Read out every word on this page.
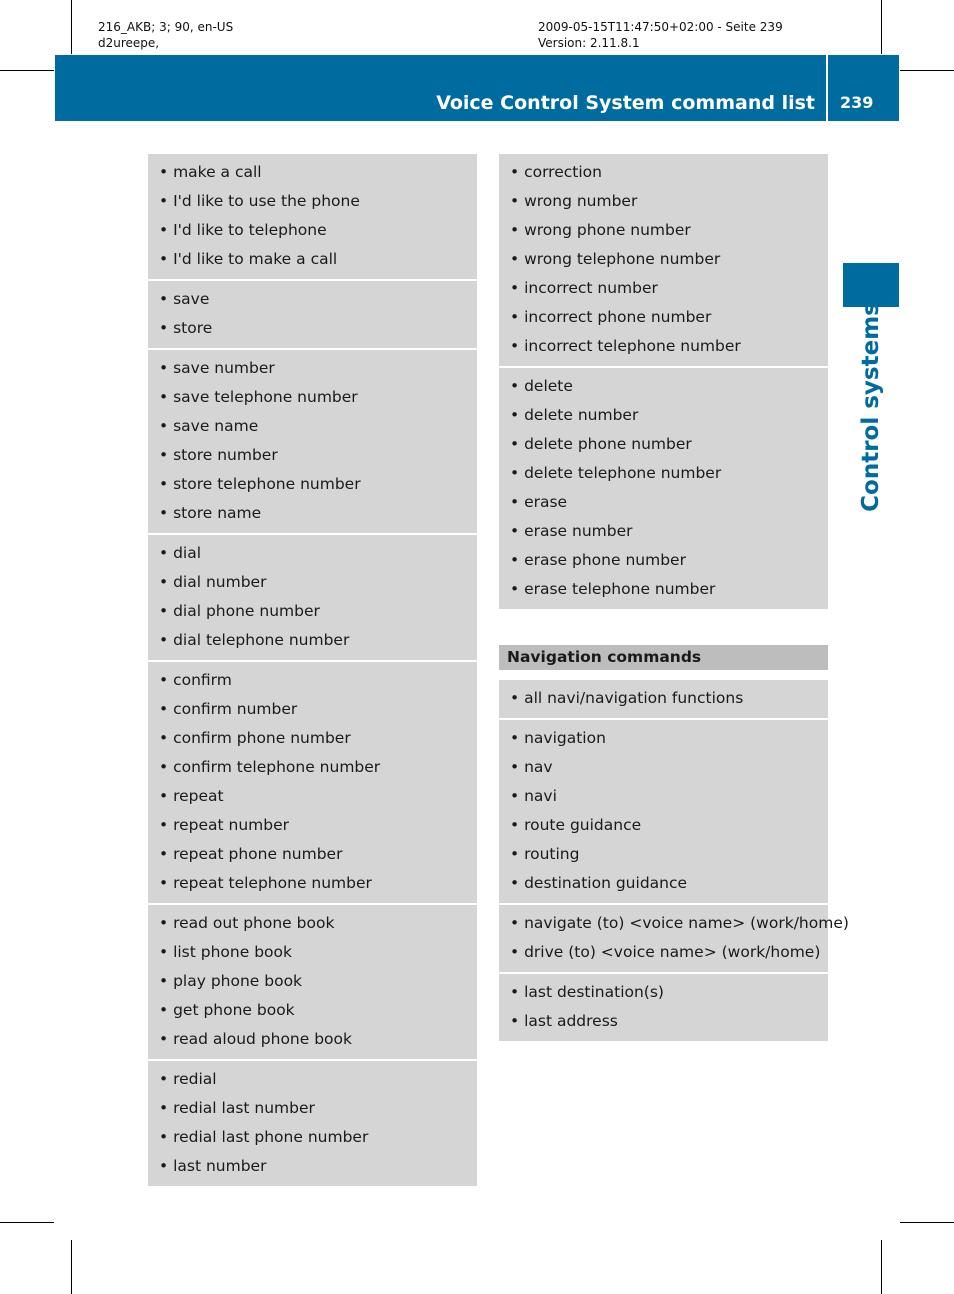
216_AKB; 3; 90, en-US
d2ureepe,
2009-05-15T11:47:50+02:00 - Seite 239
Version: 2.11.8.1
Voice Control System command list 239
Control systems
• make a call
• I'd like to use the phone
• I'd like to telephone
• I'd like to make a call
• save
• store
• save number
• save telephone number
• save name
• store number
• store telephone number
• store name
• dial
• dial number
• dial phone number
• dial telephone number
• confirm
• confirm number
• confirm phone number
• confirm telephone number
• repeat
• repeat number
• repeat phone number
• repeat telephone number
• read out phone book
• list phone book
• play phone book
• get phone book
• read aloud phone book
• redial
• redial last number
• redial last phone number
• last number
• correction
• wrong number
• wrong phone number
• wrong telephone number
• incorrect number
• incorrect phone number
• incorrect telephone number
• delete
• delete number
• delete phone number
• delete telephone number
• erase
• erase number
• erase phone number
• erase telephone number
Navigation commands
• all navi/navigation functions
• navigation
• nav
• navi
• route guidance
• routing
• destination guidance
• navigate (to) <voice name> (work/home)
• drive (to) <voice name> (work/home)
• last destination(s)
• last address
